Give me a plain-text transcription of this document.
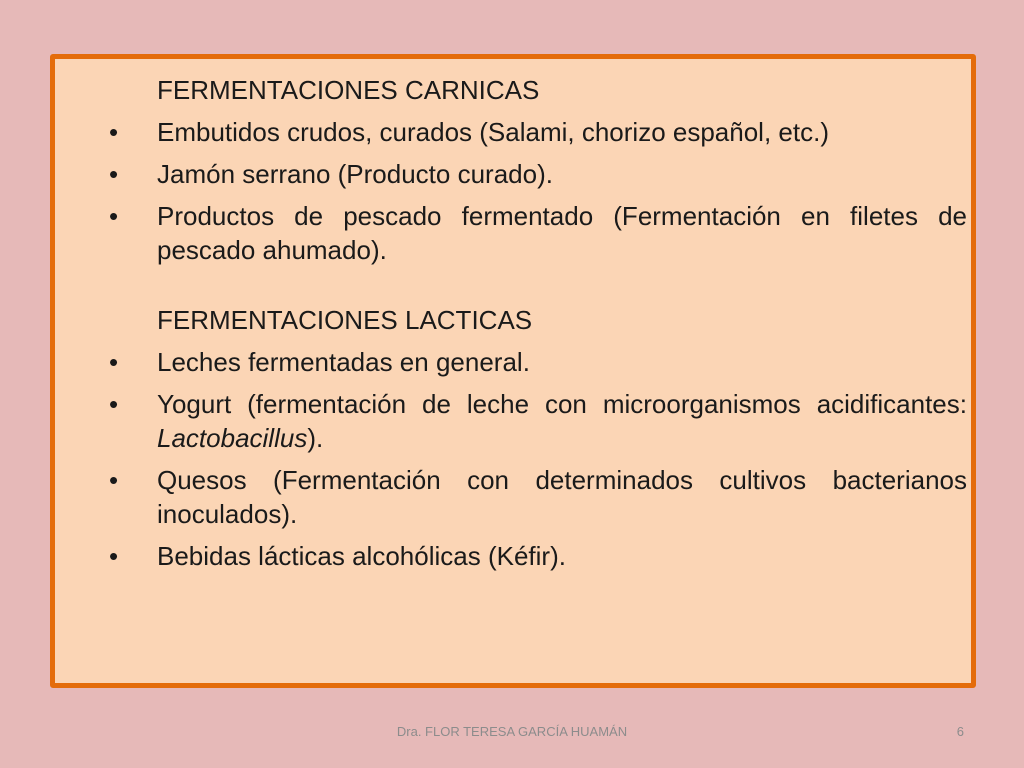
FERMENTACIONES CARNICAS
•	Embutidos crudos, curados (Salami, chorizo español, etc.)
•	Jamón serrano (Producto curado).
•	Productos de pescado fermentado (Fermentación en filetes de pescado ahumado).
FERMENTACIONES LACTICAS
•	Leches fermentadas en general.
•	Yogurt (fermentación de leche con microorganismos acidificantes: Lactobacillus).
•	Quesos (Fermentación con determinados cultivos bacterianos inoculados).
•	Bebidas lácticas alcohólicas (Kéfir).
Dra. FLOR TERESA GARCÍA HUAMÁN	6
